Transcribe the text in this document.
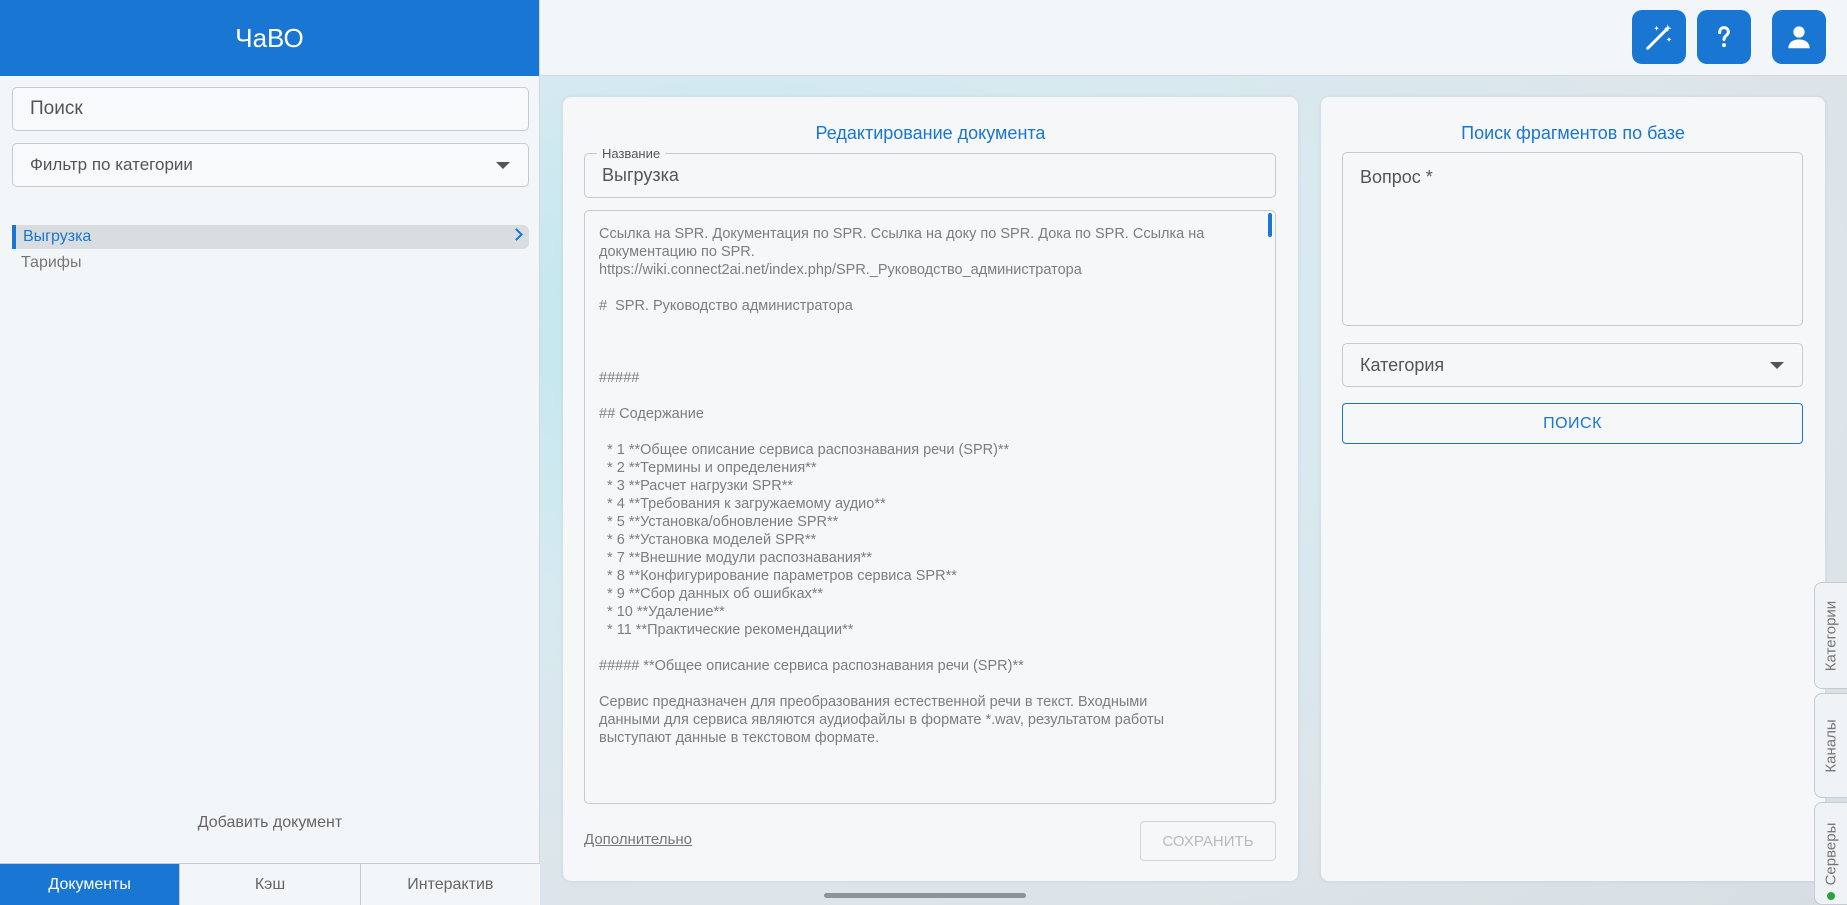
ЧаВО
Поиск
Фильтр по категории
Выгрузка
Тарифы
Добавить документ
Документы	Кэш	Интерактив
Редактирование документа
Название
Выгрузка
Ссылка на SPR. Документация по SPR. Ссылка на доку по SPR. Дока по SPR. Ссылка на
документацию по SPR.
https://wiki.connect2ai.net/index.php/SPR._Руководство_администратора
#  SPR. Руководство администратора
#####
## Содержание
* 1 **Общее описание сервиса распознавания речи (SPR)**
* 2 **Термины и определения**
* 3 **Расчет нагрузки SPR**
* 4 **Требования к загружаемому аудио**
* 5 **Установка/обновление SPR**
* 6 **Установка моделей SPR**
* 7 **Внешние модули распознавания**
* 8 **Конфигурирование параметров сервиса SPR**
* 9 **Сбор данных об ошибках**
* 10 **Удаление**
* 11 **Практические рекомендации**
##### **Общее описание сервиса распознавания речи (SPR)**
Сервис предназначен для преобразования естественной речи в текст. Входными
данными для сервиса являются аудиофайлы в формате *.wav, результатом работы
выступают данные в текстовом формате.
Дополнительно	СОХРАНИТЬ
Поиск фрагментов по базе
Вопрос *
Категория
ПОИСК
Категории
Каналы
Серверы
